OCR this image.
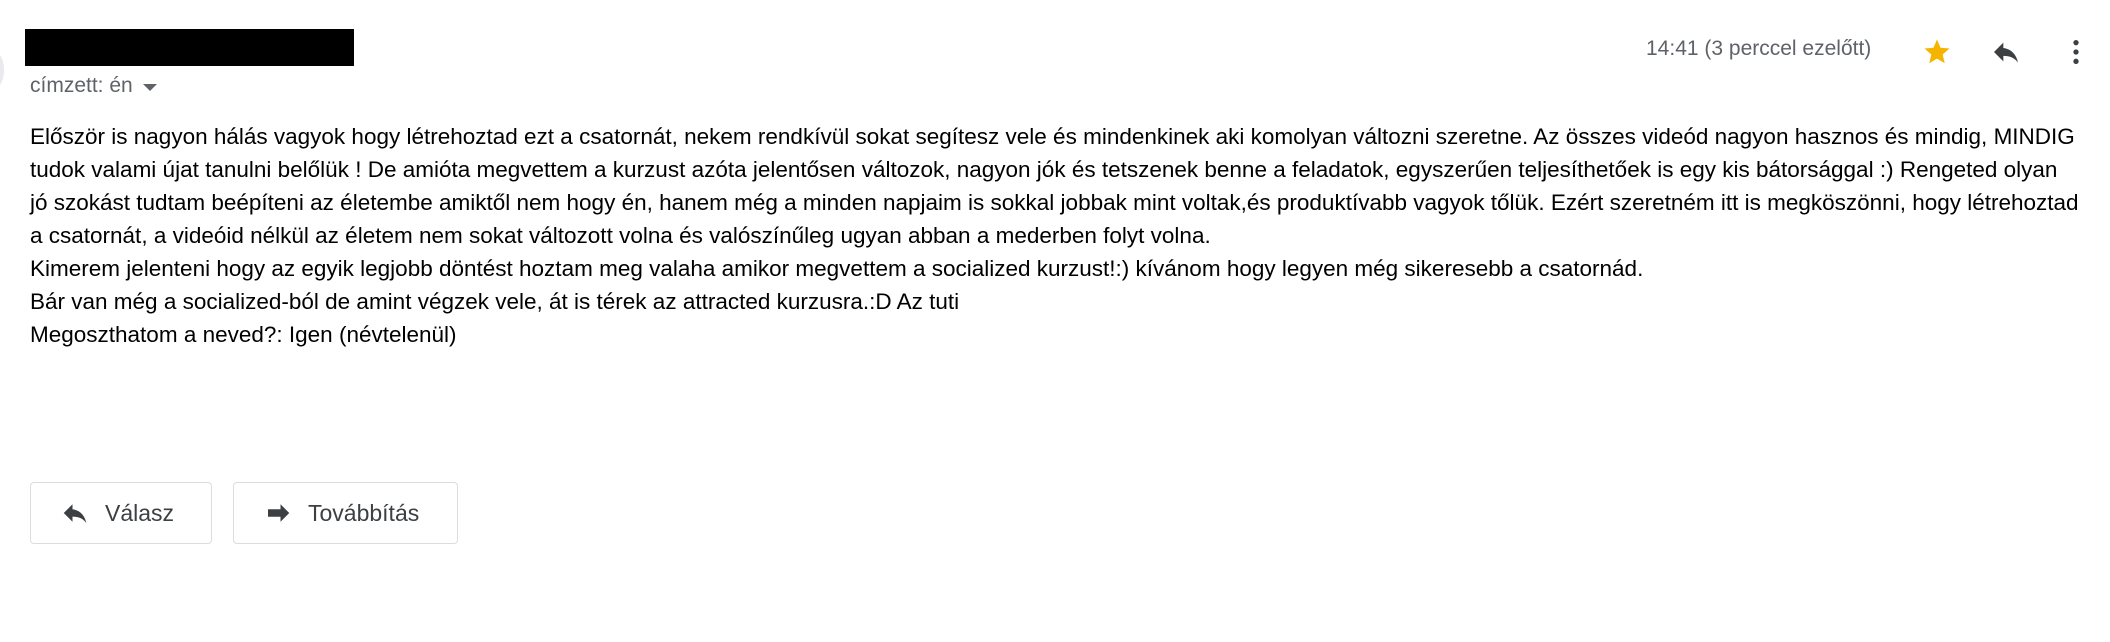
címzett: én
14:41 (3 perccel ezelőtt)

Először is nagyon hálás vagyok hogy létrehoztad ezt a csatornát, nekem rendkívül sokat segítesz vele és mindenkinek aki komolyan változni szeretne. Az összes videód nagyon hasznos és mindig, MINDIG

tudok valami újat tanulni belőlük ! De amióta megvettem a kurzust azóta jelentősen változok, nagyon jók és tetszenek benne a feladatok, egyszerűen teljesíthetőek is egy kis bátorsággal :) Rengeted olyan

jó szokást tudtam beépíteni az életembe amiktől nem hogy én, hanem még a minden napjaim is sokkal jobbak mint voltak,és produktívabb vagyok tőlük. Ezért szeretném itt is megköszönni, hogy létrehoztad

a csatornát, a videóid nélkül az életem nem sokat változott volna és valószínűleg ugyan abban a mederben folyt volna.

Kimerem jelenteni hogy az egyik legjobb döntést hoztam meg valaha amikor megvettem a socialized kurzust!:) kívánom hogy legyen még sikeresebb a csatornád.

Bár van még a socialized-ból de amint végzek vele, át is térek az attracted kurzusra.:D Az tuti

Megoszthatom a neved?: Igen (névtelenül)

Válasz	Továbbítás
